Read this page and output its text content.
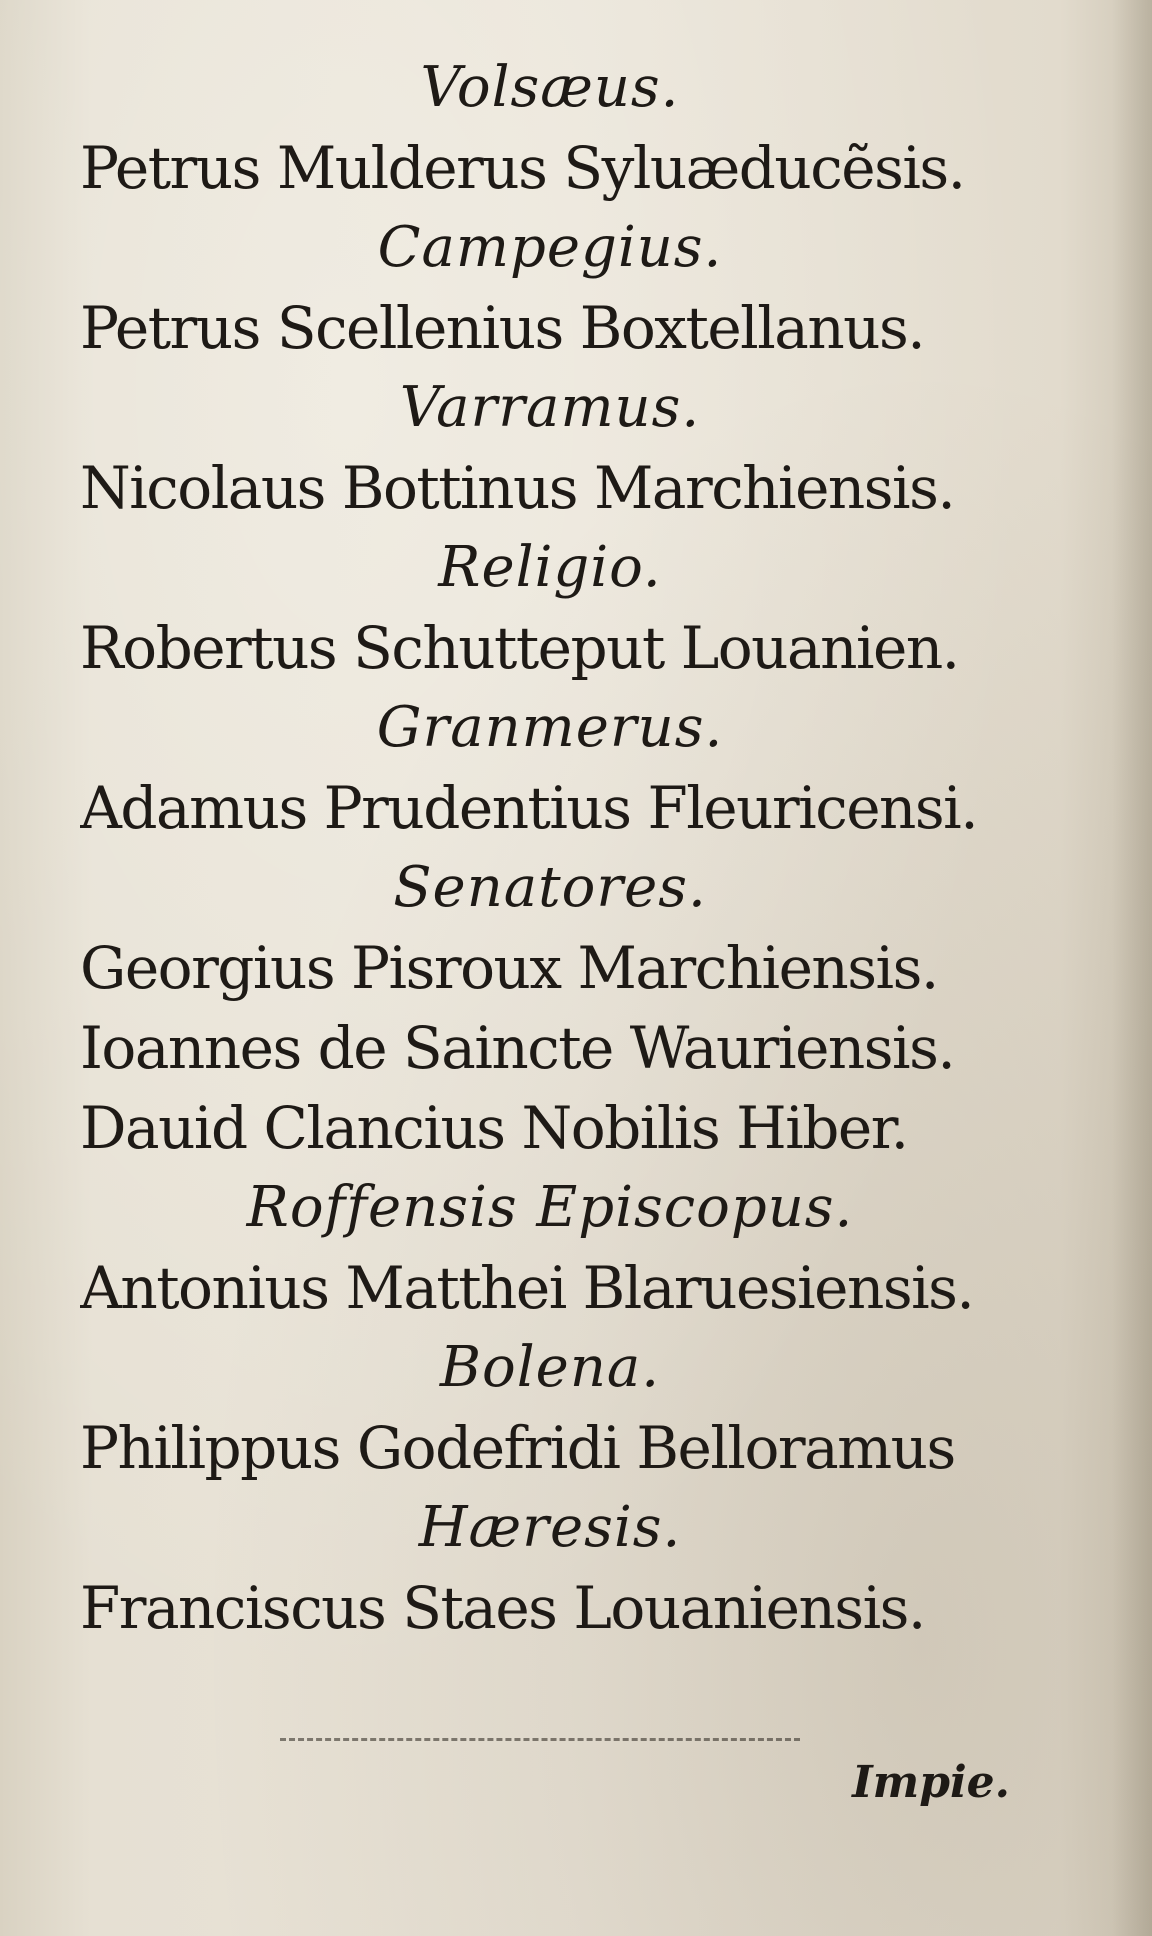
Volsæus.
Petrus Mulderus Syluæducẽsis.
Campegius.
Petrus Scellenius Boxtellanus.
Varramus.
Nicolaus Bottinus Marchiensis.
Religio.
Robertus Schutteput Louanien.
Granmerus.
Adamus Prudentius Fleuricensi.
Senatores.
Georgius Pisroux Marchiensis.
Ioannes de Saincte Wauriensis.
Dauid Clancius Nobilis Hiber.
Roffensis Episcopus.
Antonius Matthei Blaruesiensis.
Bolena.
Philippus Godefridi Belloramus
Hæresis.
Franciscus Staes Louaniensis.
Impie.
